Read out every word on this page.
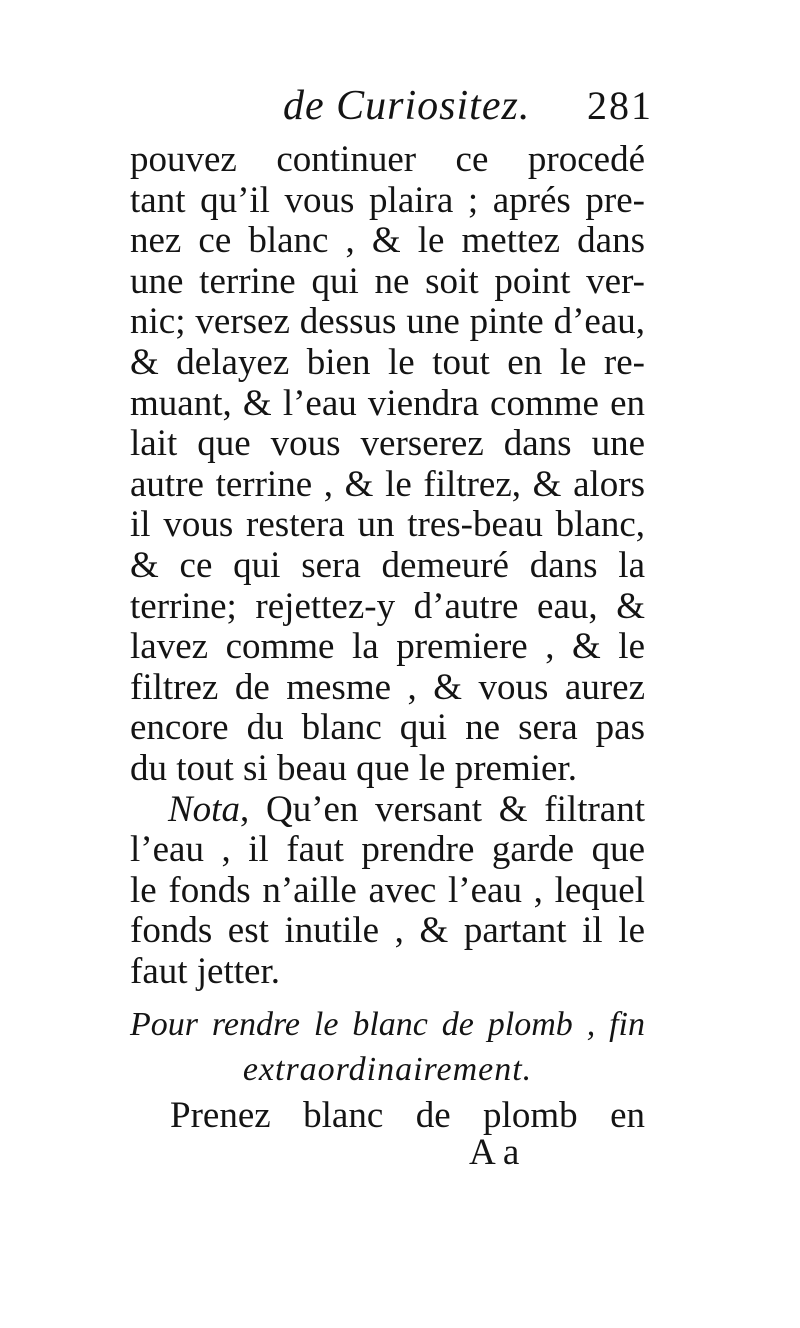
de Curiositez. 281
pouvez continuer ce procedé
tant qu’il vous plaira ; aprés pre-
nez ce blanc , & le mettez dans
une terrine qui ne soit point ver-
nic; versez dessus une pinte d’eau,
& delayez bien le tout en le re-
muant, & l’eau viendra comme en
lait que vous verserez dans une
autre terrine , & le filtrez, & alors
il vous restera un tres-beau blanc,
& ce qui sera demeuré dans la
terrine; rejettez-y d’autre eau, &
lavez comme la premiere , & le
filtrez de mesme , & vous aurez
encore du blanc qui ne sera pas
du tout si beau que le premier.
Nota, Qu’en versant & filtrant
l’eau , il faut prendre garde que
le fonds n’aille avec l’eau , lequel
fonds est inutile , & partant il le
faut jetter.
Pour rendre le blanc de plomb , fin
extraordinairement.
Prenez blanc de plomb en
A a
